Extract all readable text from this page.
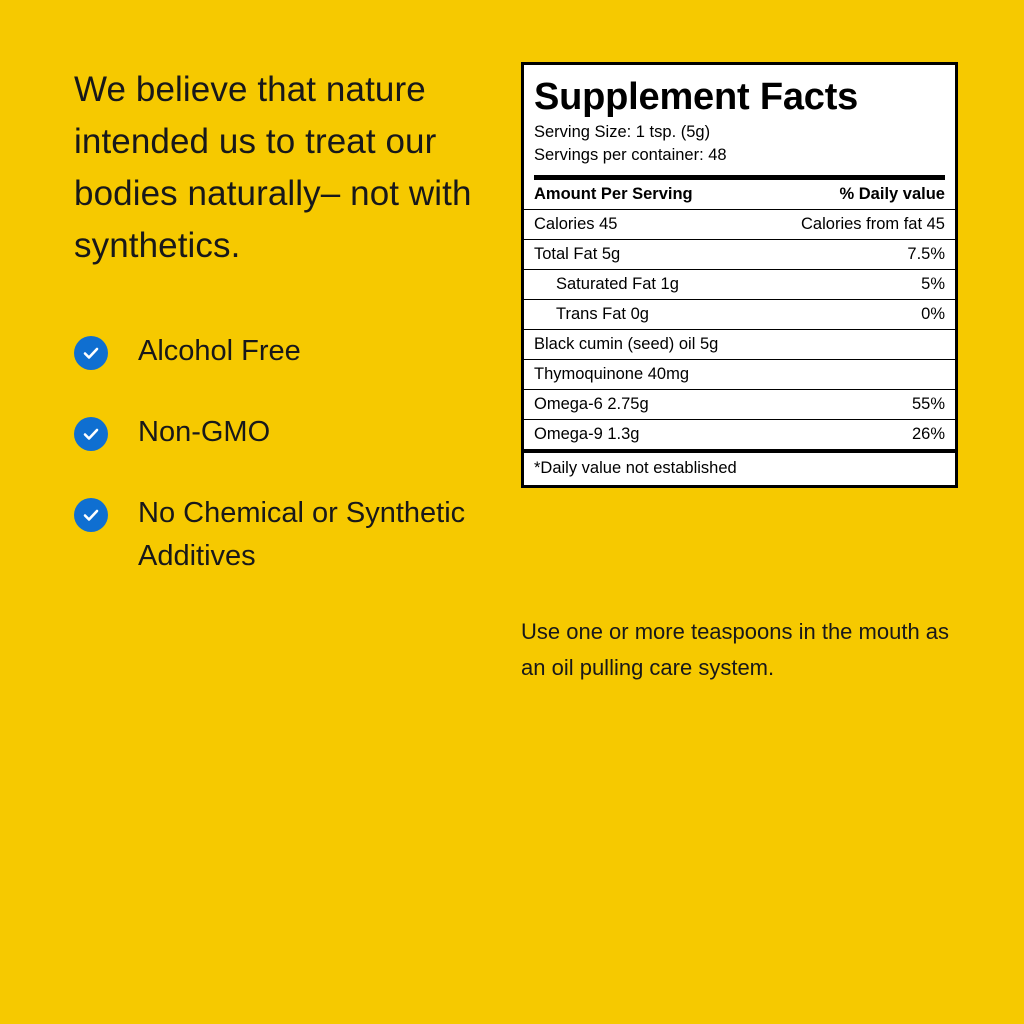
We believe that nature intended us to treat our bodies naturally– not with synthetics.
Alcohol Free
Non-GMO
No Chemical or Synthetic Additives
Supplement Facts
Serving Size: 1 tsp. (5g)
Servings per container: 48
Amount Per Serving	% Daily value
Calories 45	Calories from fat 45
Total Fat 5g	7.5%
Saturated Fat 1g	5%
Trans Fat 0g	0%
Black cumin (seed) oil 5g	
Thymoquinone 40mg	
Omega-6 2.75g	55%
Omega-9 1.3g	26%
*Daily value not established	
Use one or more teaspoons in the mouth as an oil pulling care system.
